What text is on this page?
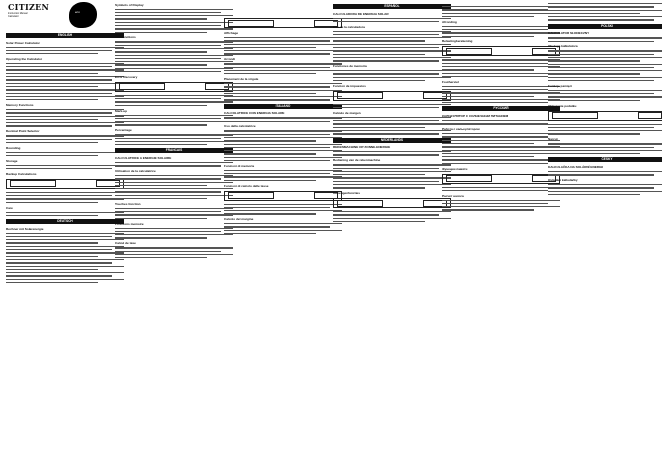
ENGLISH
Solar Power Calculator
Operating the Calculator
Memory Functions
Decimal Point Selector
Rounding
Storage
Backup Calculations
Care
DEUTSCH
Rechner mit Solarenergie
Symbols of Display
Tax Functions
Error Recovery
Mark-up
Percentage
FRANCAIS
CALCULATRICE A ENERGIE SOLAIRE
Utilisation de la calculatrice
Touches fonction
Fonctions memoire
Calcul de taxe
Affichage
Arrondi
Placement de la virgule
ITALIANO
CALCOLATRICE CON ENERGIA SOLARE
Uso della calcolatrice
Funzioni di memoria
Funzioni di calcolo delle tasse
Calcolo del margine
ESPAÑOL
CALCULADORA DE ENERGIA SOLAR
Uso de la calculadora
Funciones de memoria
Funcion de impuestos
Calculo de margen
NEDERLANDS
REKENMACHINE OP ZONNE-ENERGIE
Bediening van de rekenmachine
Geheugenfuncties
Afronding
Belastingberekening
Foutherstel
РУССКИЙ
КАЛЬКУЛЯТОР С СОЛНЕЧНЫМ ПИТАНИЕМ
Работа с калькулятором
Функции памяти
Расчёт налога
POLSKI
KALKULATOR SŁONECZNY
Obsługa kalkulatora
Funkcje pamięci
Obliczanie podatku
Narzut
ČESKY
KALKULAČKA NA SOLÁRNÍ ENERGII
Ovládání kalkulačky
CITIZEN
Instruction Manual
Calculator
eco
